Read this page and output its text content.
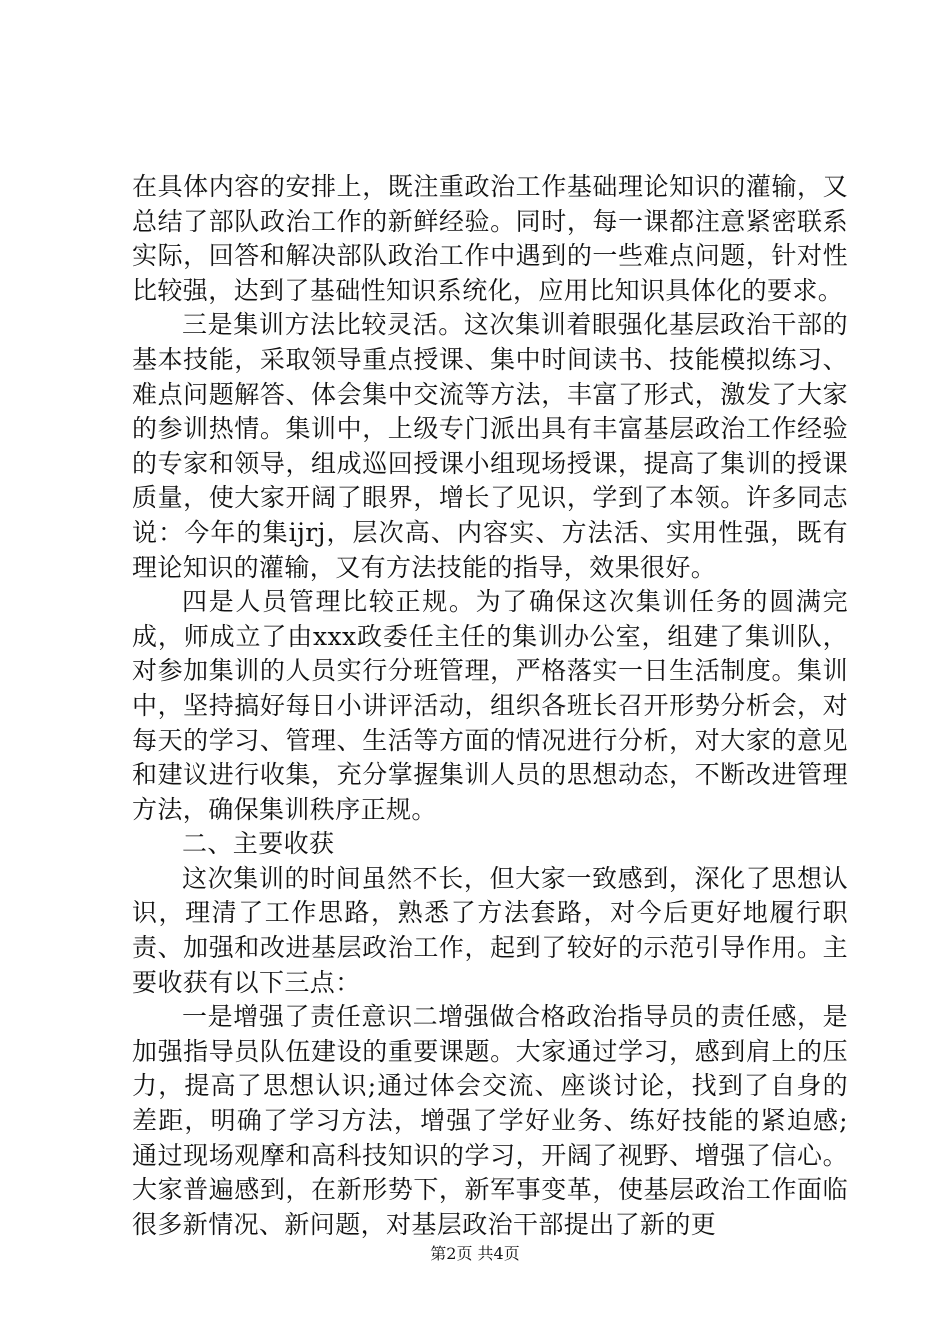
在具体内容的安排上，既注重政治工作基础理论知识的灌输，又总结了部队政治工作的新鲜经验。同时，每一课都注意紧密联系实际，回答和解决部队政治工作中遇到的一些难点问题，针对性比较强，达到了基础性知识系统化，应用比知识具体化的要求。

三是集训方法比较灵活。这次集训着眼强化基层政治干部的基本技能，采取领导重点授课、集中时间读书、技能模拟练习、难点问题解答、体会集中交流等方法，丰富了形式，激发了大家的参训热情。集训中，上级专门派出具有丰富基层政治工作经验的专家和领导，组成巡回授课小组现场授课，提高了集训的授课质量，使大家开阔了眼界，增长了见识，学到了本领。许多同志说：今年的集ijrj，层次高、内容实、方法活、实用性强，既有理论知识的灌输，又有方法技能的指导，效果很好。

四是人员管理比较正规。为了确保这次集训任务的圆满完成，师成立了由xxx政委任主任的集训办公室，组建了集训队，对参加集训的人员实行分班管理，严格落实一日生活制度。集训中，坚持搞好每日小讲评活动，组织各班长召开形势分析会，对每天的学习、管理、生活等方面的情况进行分析，对大家的意见和建议进行收集，充分掌握集训人员的思想动态，不断改进管理方法，确保集训秩序正规。

二、主要收获

这次集训的时间虽然不长，但大家一致感到，深化了思想认识，理清了工作思路，熟悉了方法套路，对今后更好地履行职责、加强和改进基层政治工作，起到了较好的示范引导作用。主要收获有以下三点：

一是增强了责任意识二增强做合格政治指导员的责任感，是加强指导员队伍建设的重要课题。大家通过学习，感到肩上的压力，提高了思想认识;通过体会交流、座谈讨论，找到了自身的差距，明确了学习方法，增强了学好业务、练好技能的紧迫感;通过现场观摩和高科技知识的学习，开阔了视野、增强了信心。大家普遍感到，在新形势下，新军事变革，使基层政治工作面临很多新情况、新问题，对基层政治干部提出了新的更

第2页 共4页
